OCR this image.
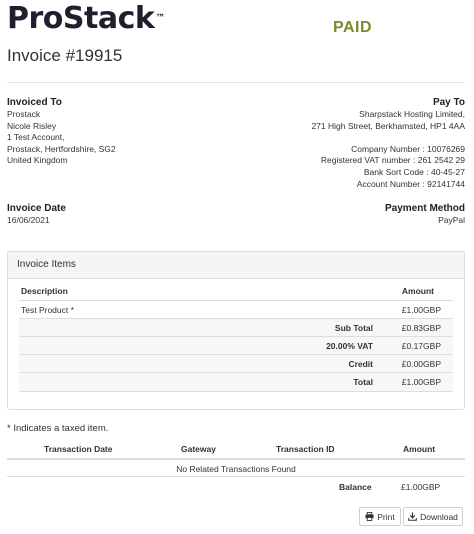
ProStack™
PAID
Invoice #19915
Invoiced To
Prostack
Nicole Risley
1 Test Account,
Prostack, Hertfordshire, SG2
United Kingdom
Pay To
Sharpstack Hosting Limited,
271 High Street, Berkhamsted, HP1 4AA
Company Number : 10076269
Registered VAT number : 261 2542 29
Bank Sort Code : 40-45-27
Account Number : 92141744
Invoice Date
16/06/2021
Payment Method
PayPal
Invoice Items
Description	Amount
Test Product *	£1.00GBP
Sub Total	£0.83GBP
20.00% VAT	£0.17GBP
Credit	£0.00GBP
Total	£1.00GBP
* Indicates a taxed item.
Transaction Date	Gateway	Transaction ID	Amount
No Related Transactions Found
Balance	£1.00GBP
Print	Download
